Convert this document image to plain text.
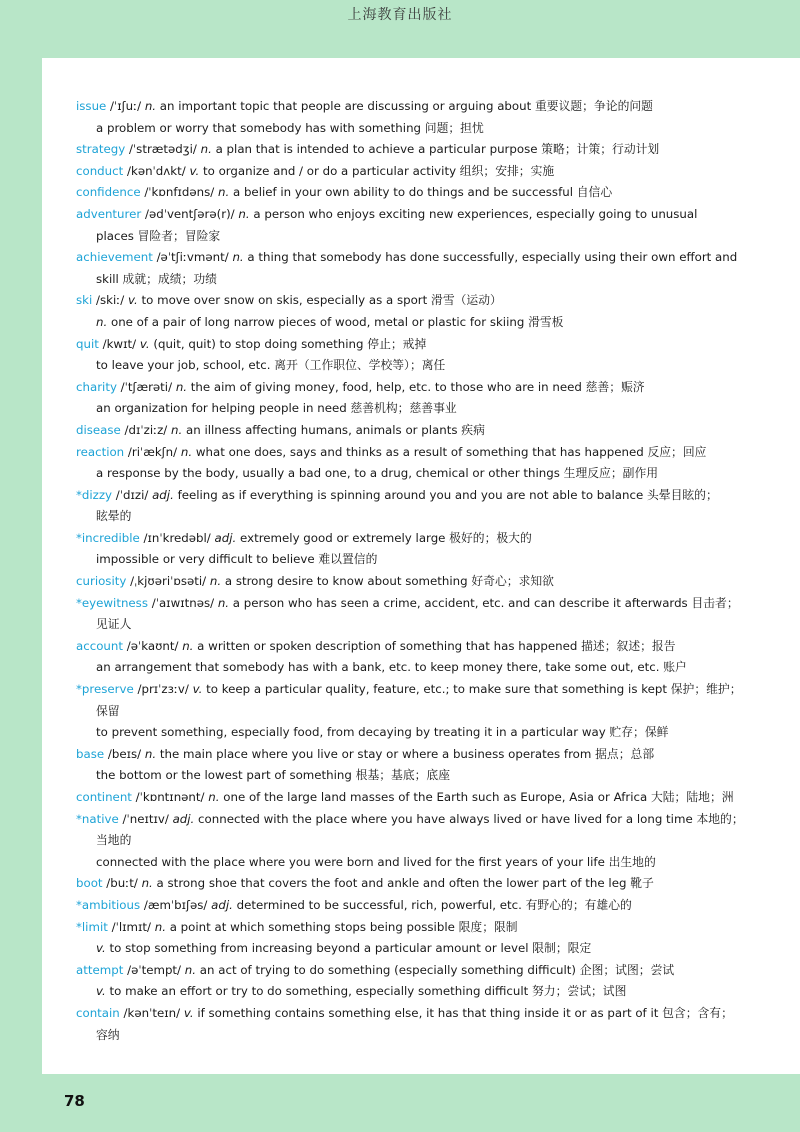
上海教育出版社
issue /ˈɪʃuː/ n. an important topic that people are discussing or arguing about 重要议题；争论的问题
a problem or worry that somebody has with something 问题；担忧
strategy /ˈstrætədʒi/ n. a plan that is intended to achieve a particular purpose 策略；计策；行动计划
conduct /kənˈdʌkt/ v. to organize and / or do a particular activity 组织；安排；实施
confidence /ˈkɒnfɪdəns/ n. a belief in your own ability to do things and be successful 自信心
adventurer /ədˈventʃərə(r)/ n. a person who enjoys exciting new experiences, especially going to unusual
places 冒险者；冒险家
achievement /əˈtʃiːvmənt/ n. a thing that somebody has done successfully, especially using their own effort and
skill 成就；成绩；功绩
ski /skiː/ v. to move over snow on skis, especially as a sport 滑雪（运动）
n. one of a pair of long narrow pieces of wood, metal or plastic for skiing 滑雪板
quit /kwɪt/ v. (quit, quit) to stop doing something 停止；戒掉
to leave your job, school, etc. 离开（工作职位、学校等）；离任
charity /ˈtʃærəti/ n. the aim of giving money, food, help, etc. to those who are in need 慈善；赈济
an organization for helping people in need 慈善机构；慈善事业
disease /dɪˈziːz/ n. an illness affecting humans, animals or plants 疾病
reaction /riˈækʃn/ n. what one does, says and thinks as a result of something that has happened 反应；回应
a response by the body, usually a bad one, to a drug, chemical or other things 生理反应；副作用
*dizzy /ˈdɪzi/ adj. feeling as if everything is spinning around you and you are not able to balance 头晕目眩的；
眩晕的
*incredible /ɪnˈkredəbl/ adj. extremely good or extremely large 极好的；极大的
impossible or very difficult to believe 难以置信的
curiosity /ˌkjʊəriˈɒsəti/ n. a strong desire to know about something 好奇心；求知欲
*eyewitness /ˈaɪwɪtnəs/ n. a person who has seen a crime, accident, etc. and can describe it afterwards 目击者；
见证人
account /əˈkaʊnt/ n. a written or spoken description of something that has happened 描述；叙述；报告
an arrangement that somebody has with a bank, etc. to keep money there, take some out, etc. 账户
*preserve /prɪˈzɜːv/ v. to keep a particular quality, feature, etc.; to make sure that something is kept 保护；维护；
保留
to prevent something, especially food, from decaying by treating it in a particular way 贮存；保鲜
base /beɪs/ n. the main place where you live or stay or where a business operates from 据点；总部
the bottom or the lowest part of something 根基；基底；底座
continent /ˈkɒntɪnənt/ n. one of the large land masses of the Earth such as Europe, Asia or Africa 大陆；陆地；洲
*native /ˈneɪtɪv/ adj. connected with the place where you have always lived or have lived for a long time 本地的；
当地的
connected with the place where you were born and lived for the first years of your life 出生地的
boot /buːt/ n. a strong shoe that covers the foot and ankle and often the lower part of the leg 靴子
*ambitious /æmˈbɪʃəs/ adj. determined to be successful, rich, powerful, etc. 有野心的；有雄心的
*limit /ˈlɪmɪt/ n. a point at which something stops being possible 限度；限制
v. to stop something from increasing beyond a particular amount or level 限制；限定
attempt /əˈtempt/ n. an act of trying to do something (especially something difficult) 企图；试图；尝试
v. to make an effort or try to do something, especially something difficult 努力；尝试；试图
contain /kənˈteɪn/ v. if something contains something else, it has that thing inside it or as part of it 包含；含有；
容纳
78
